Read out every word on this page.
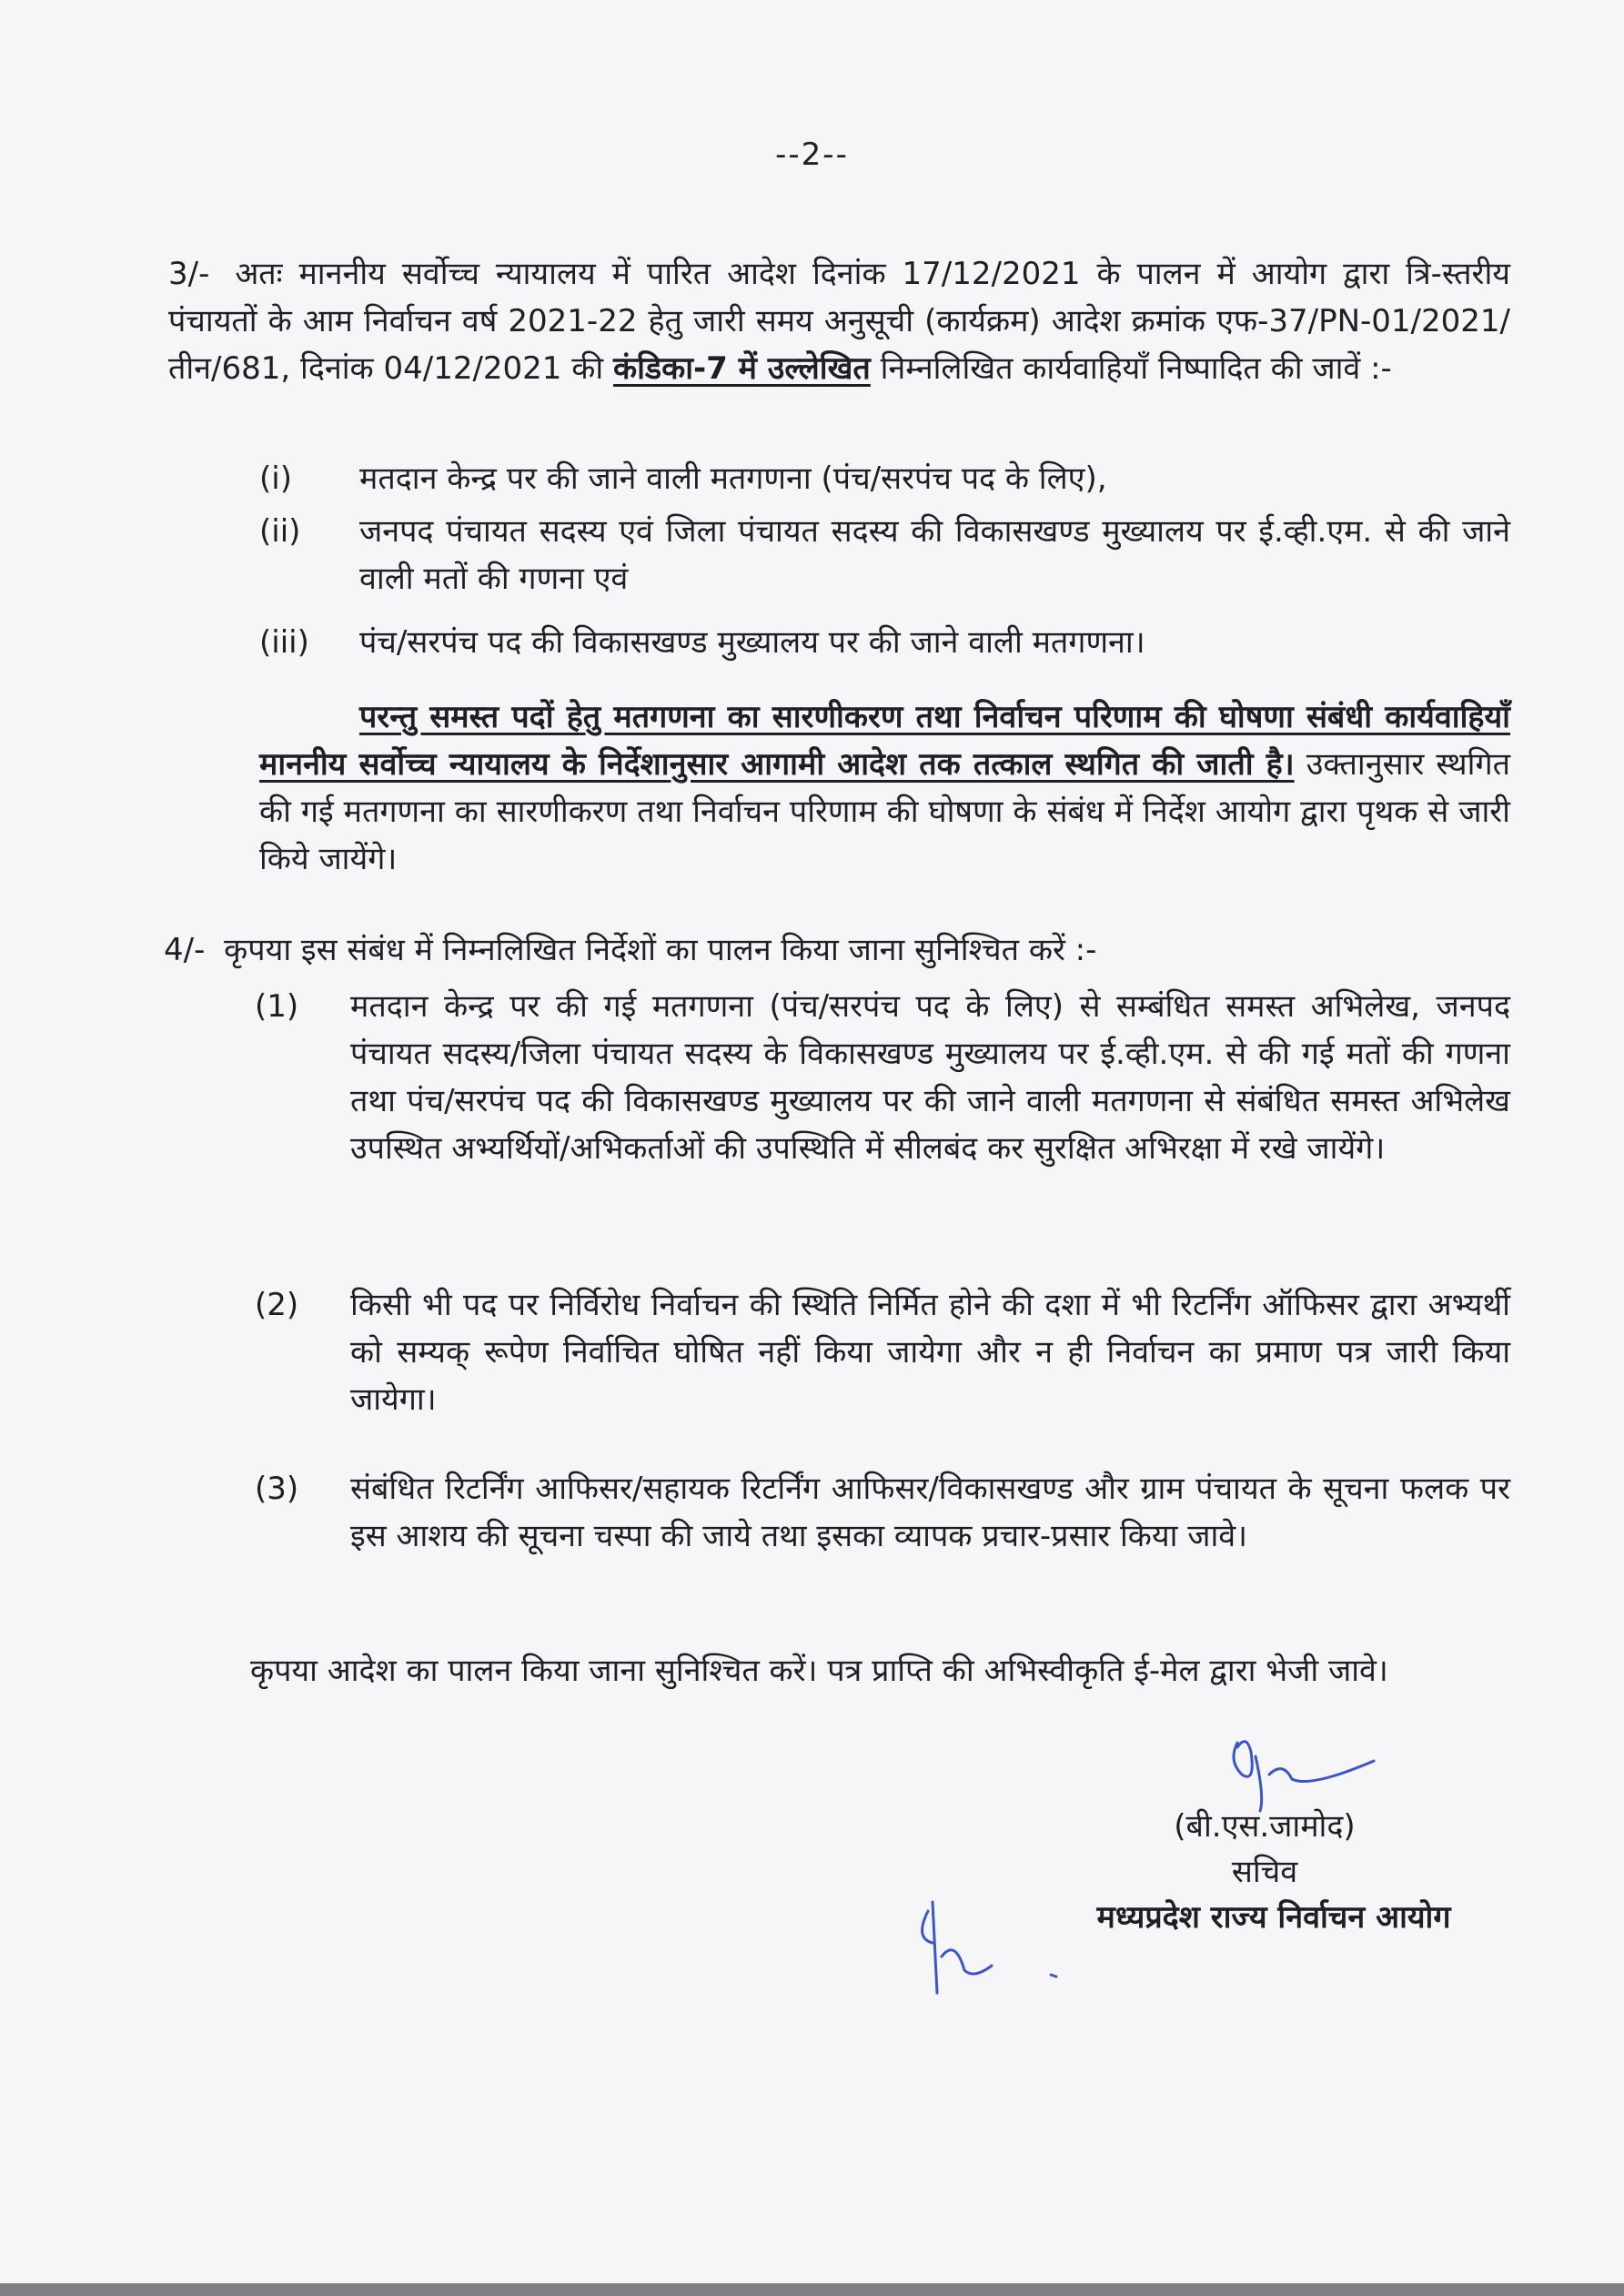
--2--
3/- अतः माननीय सर्वोच्च न्यायालय में पारित आदेश दिनांक 17/12/2021 के पालन में आयोग द्वारा त्रि-स्तरीय पंचायतों के आम निर्वाचन वर्ष 2021-22 हेतु जारी समय अनुसूची (कार्यक्रम) आदेश क्रमांक एफ-37/PN-01/2021/तीन/681, दिनांक 04/12/2021 की कंडिका-7 में उल्लेखित निम्नलिखित कार्यवाहियाँ निष्पादित की जावें :-
(i) मतदान केन्द्र पर की जाने वाली मतगणना (पंच/सरपंच पद के लिए),
(ii) जनपद पंचायत सदस्य एवं जिला पंचायत सदस्य की विकासखण्ड मुख्यालय पर ई.व्ही.एम. से की जाने वाली मतों की गणना एवं
(iii) पंच/सरपंच पद की विकासखण्ड मुख्यालय पर की जाने वाली मतगणना।
परन्तु समस्त पदों हेतु मतगणना का सारणीकरण तथा निर्वाचन परिणाम की घोषणा संबंधी कार्यवाहियाँ माननीय सर्वोच्च न्यायालय के निर्देशानुसार आगामी आदेश तक तत्काल स्थगित की जाती है। उक्तानुसार स्थगित की गई मतगणना का सारणीकरण तथा निर्वाचन परिणाम की घोषणा के संबंध में निर्देश आयोग द्वारा पृथक से जारी किये जायेंगे।
4/- कृपया इस संबंध में निम्नलिखित निर्देशों का पालन किया जाना सुनिश्चित करें :-
(1) मतदान केन्द्र पर की गई मतगणना (पंच/सरपंच पद के लिए) से सम्बंधित समस्त अभिलेख, जनपद पंचायत सदस्य/जिला पंचायत सदस्य के विकासखण्ड मुख्यालय पर ई.व्ही.एम. से की गई मतों की गणना तथा पंच/सरपंच पद की विकासखण्ड मुख्यालय पर की जाने वाली मतगणना से संबंधित समस्त अभिलेख उपस्थित अभ्यर्थियों/अभिकर्ताओं की उपस्थिति में सीलबंद कर सुरक्षित अभिरक्षा में रखे जायेंगे।
(2) किसी भी पद पर निर्विरोध निर्वाचन की स्थिति निर्मित होने की दशा में भी रिटर्निंग ऑफिसर द्वारा अभ्यर्थी को सम्यक् रूपेण निर्वाचित घोषित नहीं किया जायेगा और न ही निर्वाचन का प्रमाण पत्र जारी किया जायेगा।
(3) संबंधित रिटर्निंग आफिसर/सहायक रिटर्निंग आफिसर/विकासखण्ड और ग्राम पंचायत के सूचना फलक पर इस आशय की सूचना चस्पा की जाये तथा इसका व्यापक प्रचार-प्रसार किया जावे।
कृपया आदेश का पालन किया जाना सुनिश्चित करें। पत्र प्राप्ति की अभिस्वीकृति ई-मेल द्वारा भेजी जावे।
(बी.एस.जामोद)
सचिव
मध्यप्रदेश राज्य निर्वाचन आयोग
